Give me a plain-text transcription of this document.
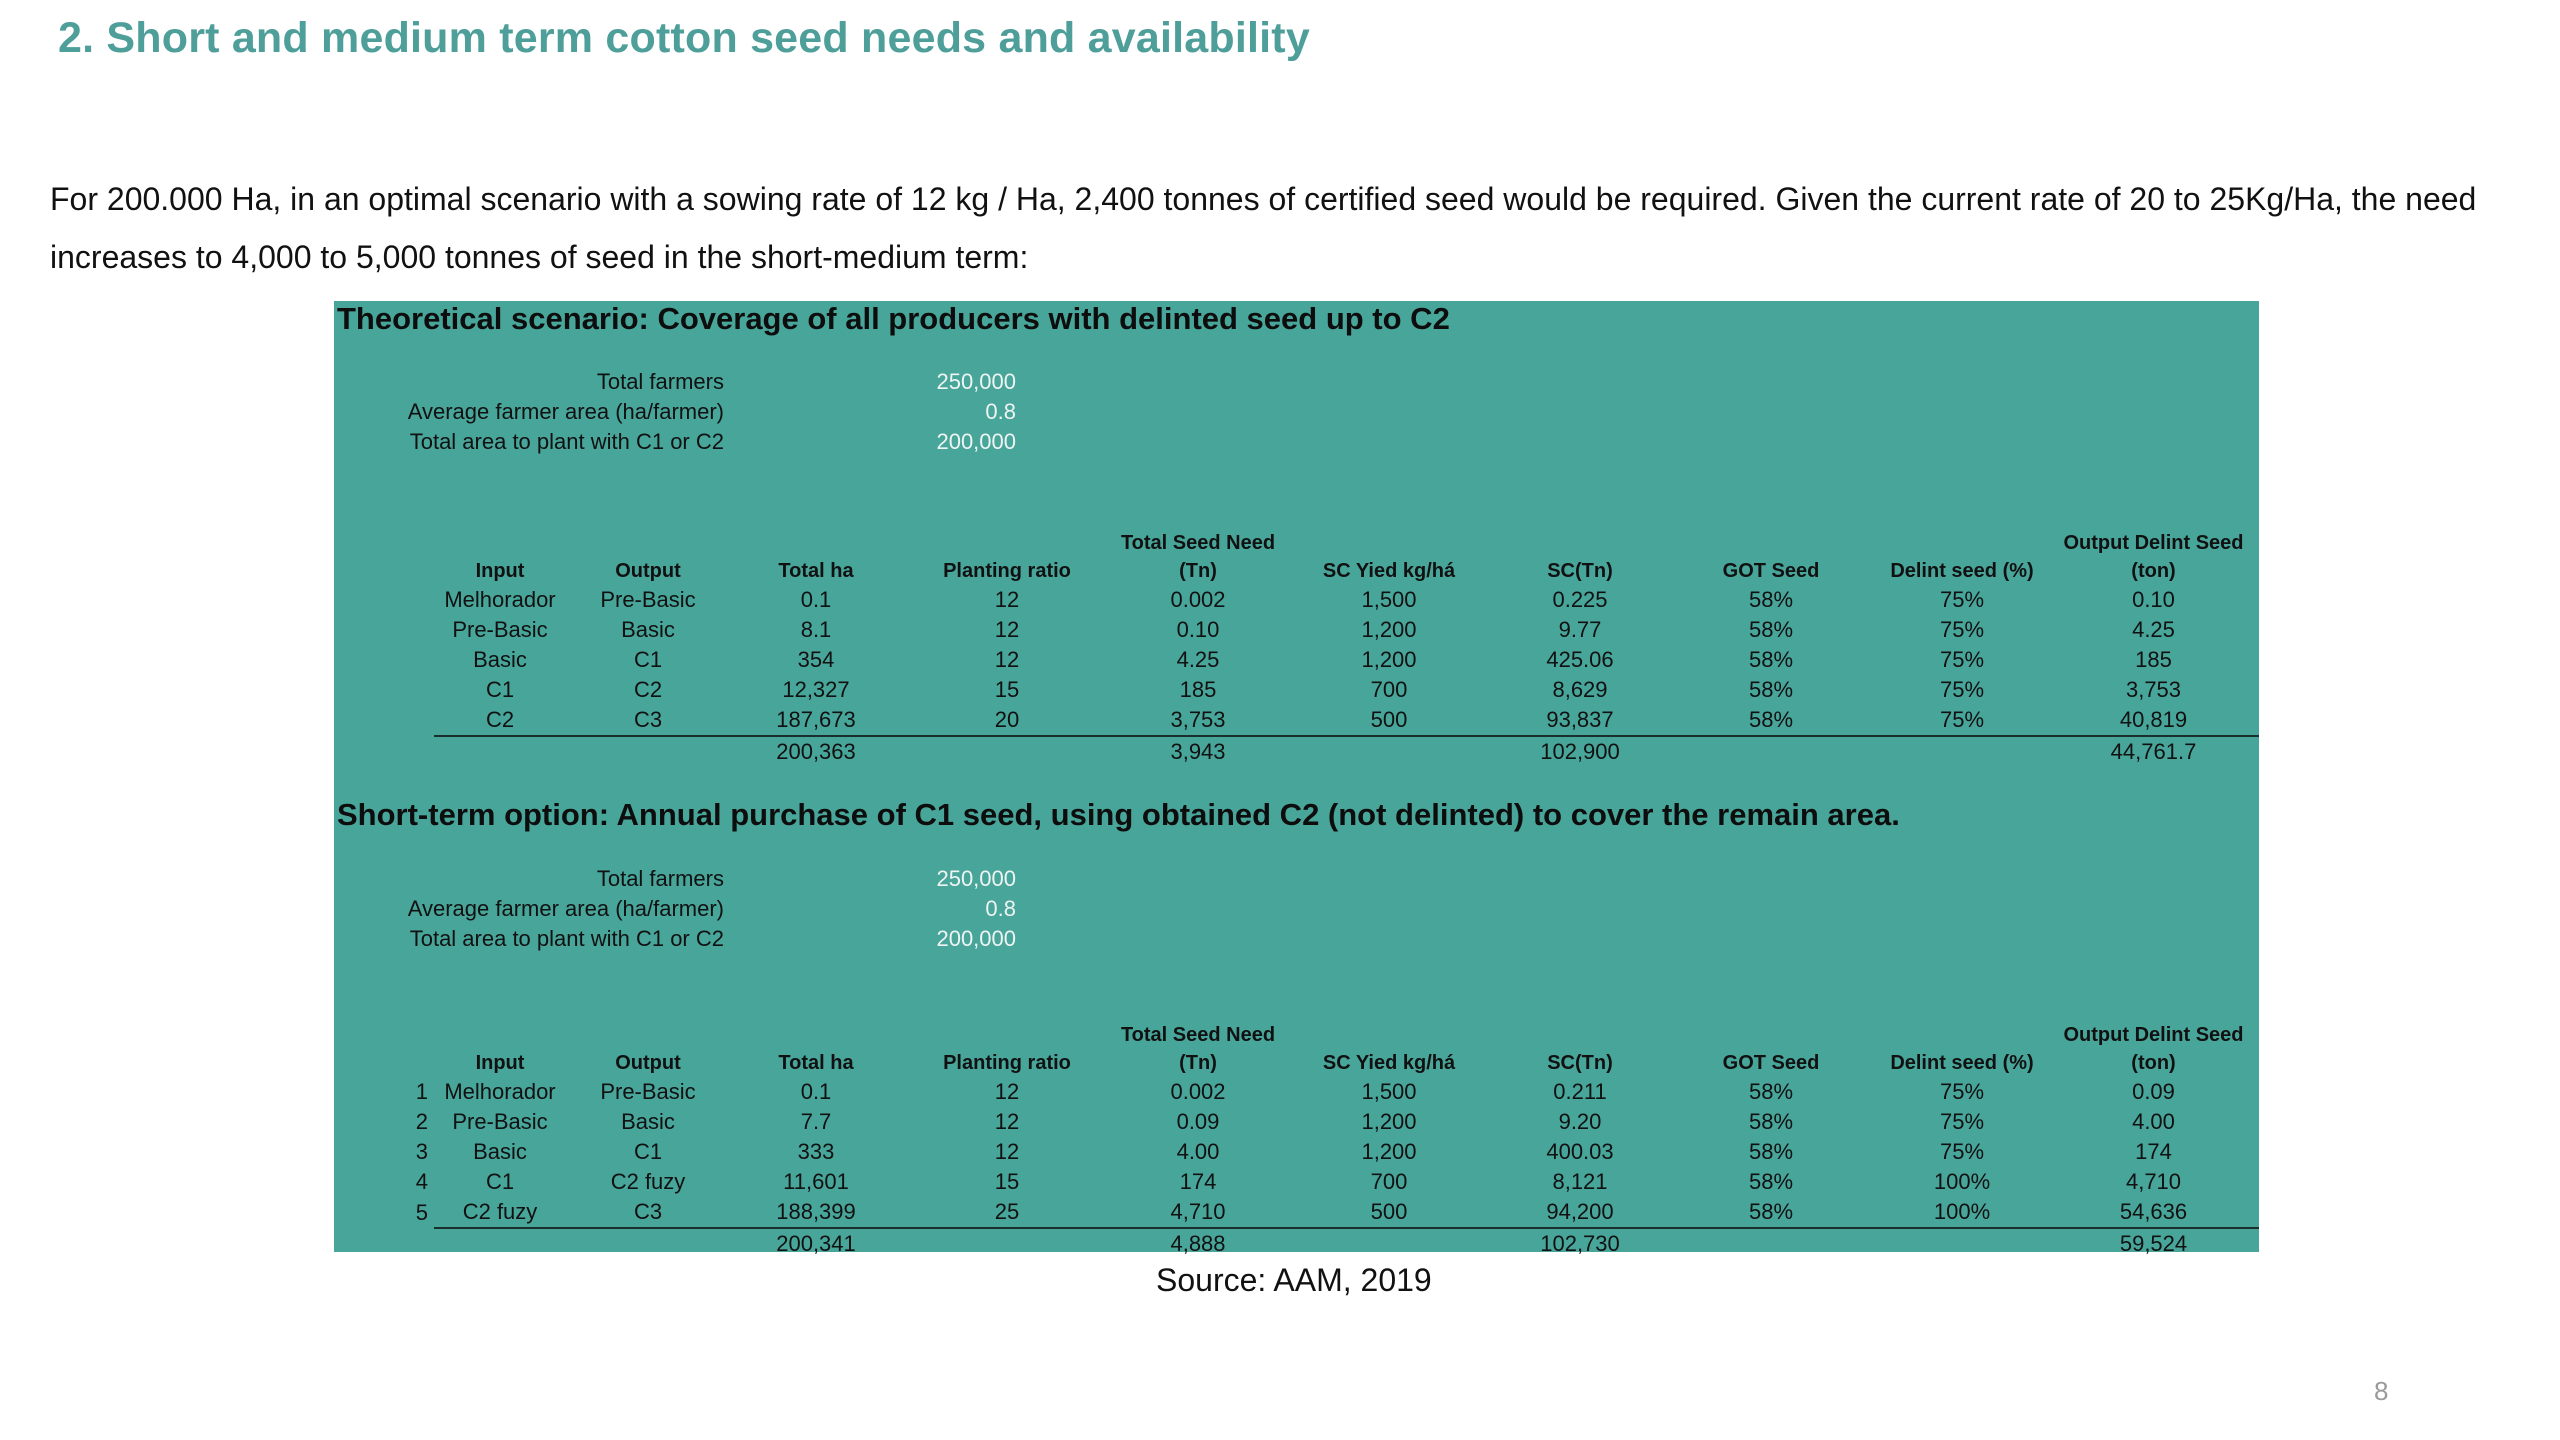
2. Short and medium term cotton seed needs and availability
For 200.000 Ha, in an optimal scenario with a sowing rate of 12 kg / Ha, 2,400 tonnes of certified seed would be required. Given the current rate of 20 to 25Kg/Ha, the need increases to 4,000 to 5,000 tonnes of seed in the short-medium term:
Theoretical scenario: Coverage of all producers with delinted seed up to C2
Total farmers	250,000
Average farmer area (ha/farmer)	0.8
Total area to plant with C1 or C2	200,000
	Input	Output	Total ha	Planting ratio	Total Seed Need (Tn)	SC Yied kg/há	SC(Tn)	GOT Seed	Delint seed (%)	Output Delint Seed (ton)
	Melhorador	Pre-Basic	0.1	12	0.002	1,500	0.225	58%	75%	0.10
	Pre-Basic	Basic	8.1	12	0.10	1,200	9.77	58%	75%	4.25
	Basic	C1	354	12	4.25	1,200	425.06	58%	75%	185
	C1	C2	12,327	15	185	700	8,629	58%	75%	3,753
	C2	C3	187,673	20	3,753	500	93,837	58%	75%	40,819
			200,363		3,943		102,900			44,761.7
Short-term option: Annual purchase of C1 seed, using obtained C2 (not delinted) to cover the remain area.
Total farmers	250,000
Average farmer area (ha/farmer)	0.8
Total area to plant with C1 or C2	200,000
	Input	Output	Total ha	Planting ratio	Total Seed Need (Tn)	SC Yied kg/há	SC(Tn)	GOT Seed	Delint seed (%)	Output Delint Seed (ton)
1	Melhorador	Pre-Basic	0.1	12	0.002	1,500	0.211	58%	75%	0.09
2	Pre-Basic	Basic	7.7	12	0.09	1,200	9.20	58%	75%	4.00
3	Basic	C1	333	12	4.00	1,200	400.03	58%	75%	174
4	C1	C2 fuzy	11,601	15	174	700	8,121	58%	100%	4,710
5	C2 fuzy	C3	188,399	25	4,710	500	94,200	58%	100%	54,636
			200,341		4,888		102,730			59,524
Source: AAM, 2019
8
